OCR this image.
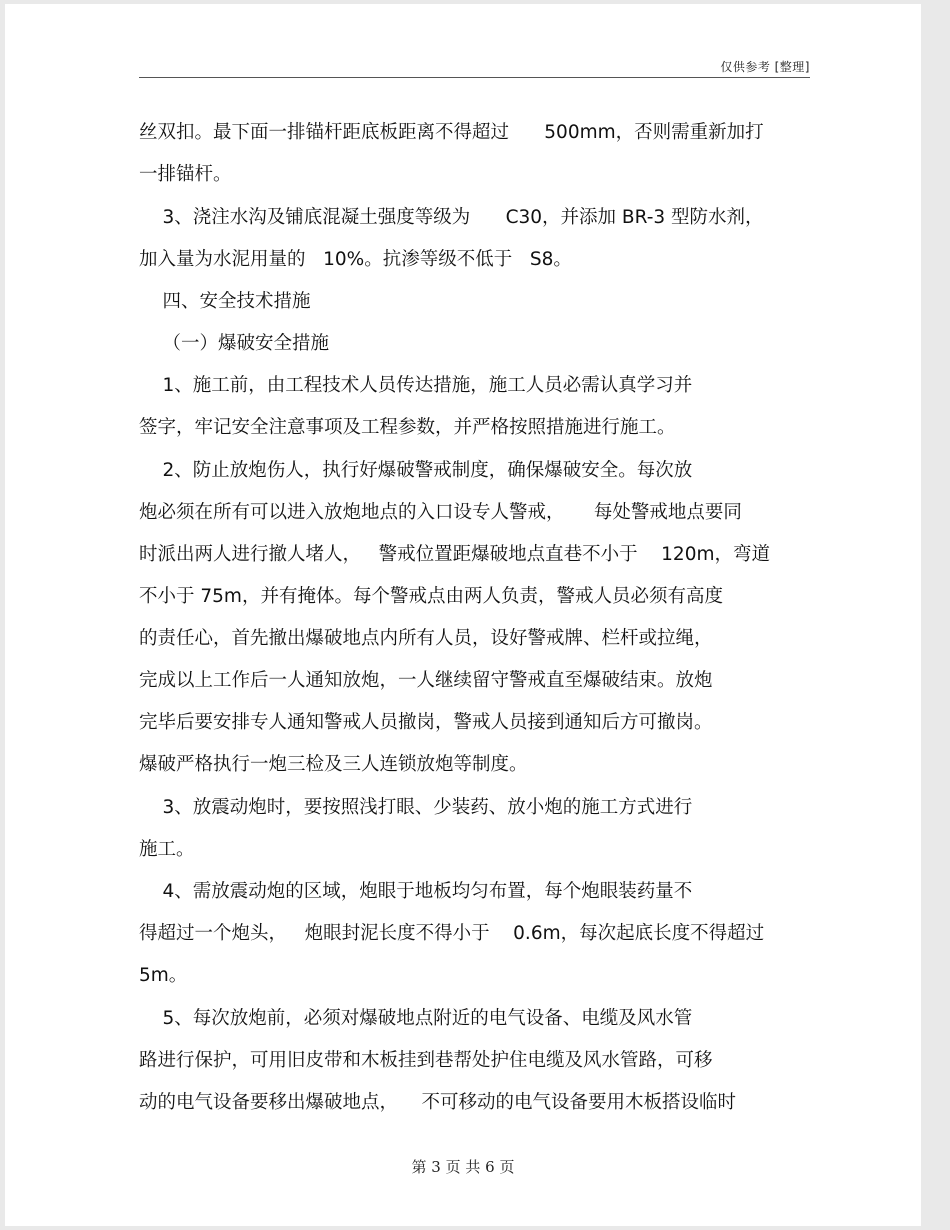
仅供参考 [整理]
丝双扣。最下面一排锚杆距底板距离不得超过      500mm，否则需重新加打
一排锚杆。
3、浇注水沟及铺底混凝土强度等级为      C30，并添加 BR-3 型防水剂，
加入量为水泥用量的   10%。抗渗等级不低于   S8。
四、安全技术措施
（一）爆破安全措施
1、施工前，由工程技术人员传达措施，施工人员必需认真学习并
签字，牢记安全注意事项及工程参数，并严格按照措施进行施工。
2、防止放炮伤人，执行好爆破警戒制度，确保爆破安全。每次放
炮必须在所有可以进入放炮地点的入口设专人警戒，     每处警戒地点要同
时派出两人进行撤人堵人，   警戒位置距爆破地点直巷不小于    120m，弯道
不小于 75m，并有掩体。每个警戒点由两人负责，警戒人员必须有高度
的责任心，首先撤出爆破地点内所有人员，设好警戒牌、栏杆或拉绳，
完成以上工作后一人通知放炮，一人继续留守警戒直至爆破结束。放炮
完毕后要安排专人通知警戒人员撤岗，警戒人员接到通知后方可撤岗。
爆破严格执行一炮三检及三人连锁放炮等制度。
3、放震动炮时，要按照浅打眼、少装药、放小炮的施工方式进行
施工。
4、需放震动炮的区域，炮眼于地板均匀布置，每个炮眼装药量不
得超过一个炮头，   炮眼封泥长度不得小于    0.6m，每次起底长度不得超过
5m。
5、每次放炮前，必须对爆破地点附近的电气设备、电缆及风水管
路进行保护，可用旧皮带和木板挂到巷帮处护住电缆及风水管路，可移
动的电气设备要移出爆破地点，    不可移动的电气设备要用木板搭设临时
第 3 页 共 6 页
